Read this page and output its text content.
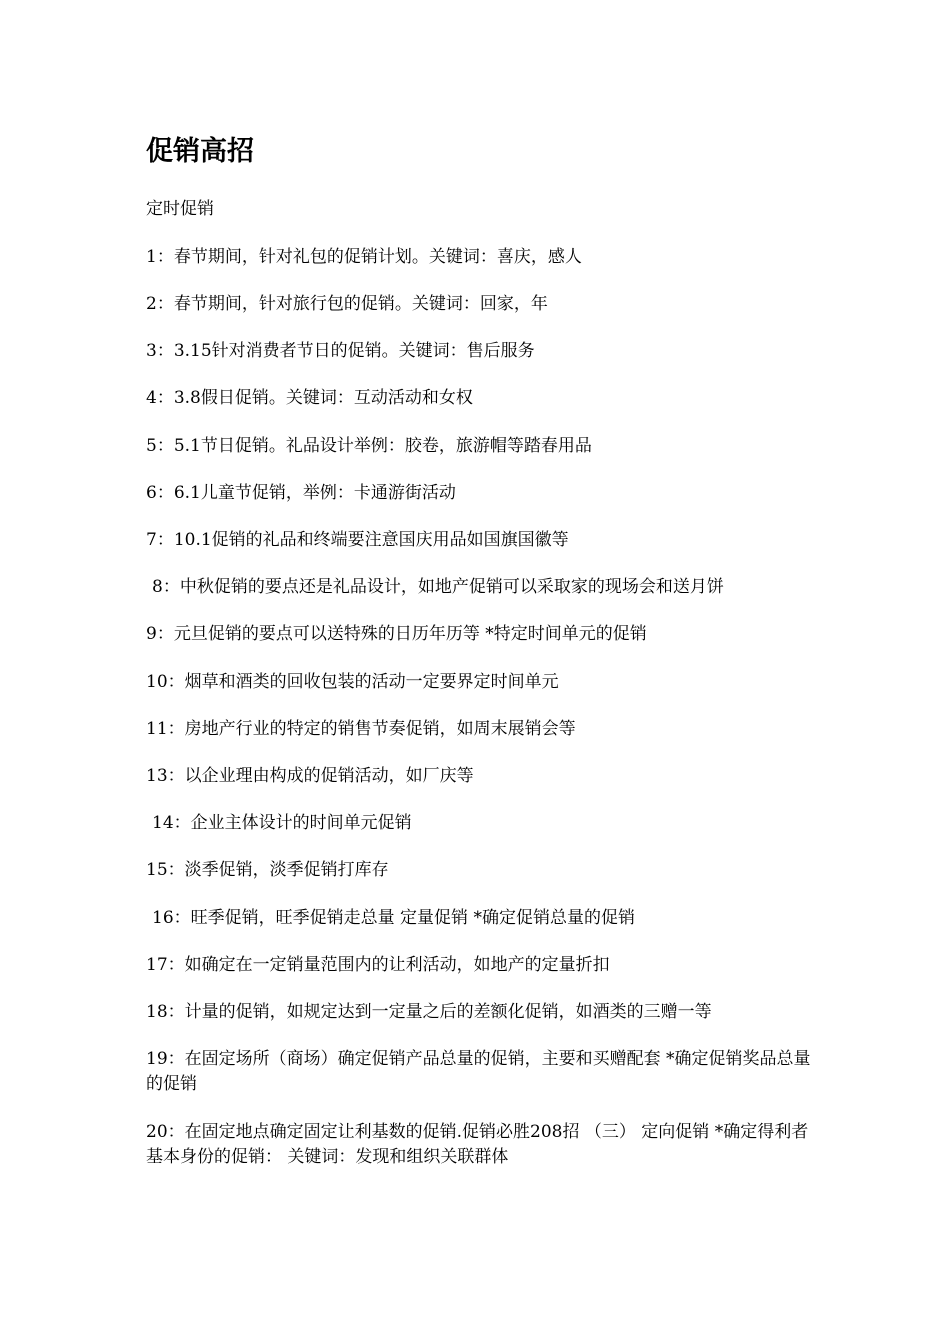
促销高招
定时促销
1：春节期间，针对礼包的促销计划。关键词：喜庆，感人
2：春节期间，针对旅行包的促销。关键词：回家，年
3：3.15针对消费者节日的促销。关键词：售后服务
4：3.8假日促销。关键词：互动活动和女权
5：5.1节日促销。礼品设计举例：胶卷，旅游帽等踏春用品
6：6.1儿童节促销，举例：卡通游街活动
7：10.1促销的礼品和终端要注意国庆用品如国旗国徽等
8：中秋促销的要点还是礼品设计，如地产促销可以采取家的现场会和送月饼
9：元旦促销的要点可以送特殊的日历年历等 *特定时间单元的促销
10：烟草和酒类的回收包装的活动一定要界定时间单元
11：房地产行业的特定的销售节奏促销，如周末展销会等
13：以企业理由构成的促销活动，如厂庆等
14：企业主体设计的时间单元促销
15：淡季促销，淡季促销打库存
16：旺季促销，旺季促销走总量 定量促销 *确定促销总量的促销
17：如确定在一定销量范围内的让利活动，如地产的定量折扣
18：计量的促销，如规定达到一定量之后的差额化促销，如酒类的三赠一等
19：在固定场所（商场）确定促销产品总量的促销，主要和买赠配套 *确定促销奖品总量的促销
20：在固定地点确定固定让利基数的促销.促销必胜208招 （三） 定向促销 *确定得利者基本身份的促销： 关键词：发现和组织关联群体
